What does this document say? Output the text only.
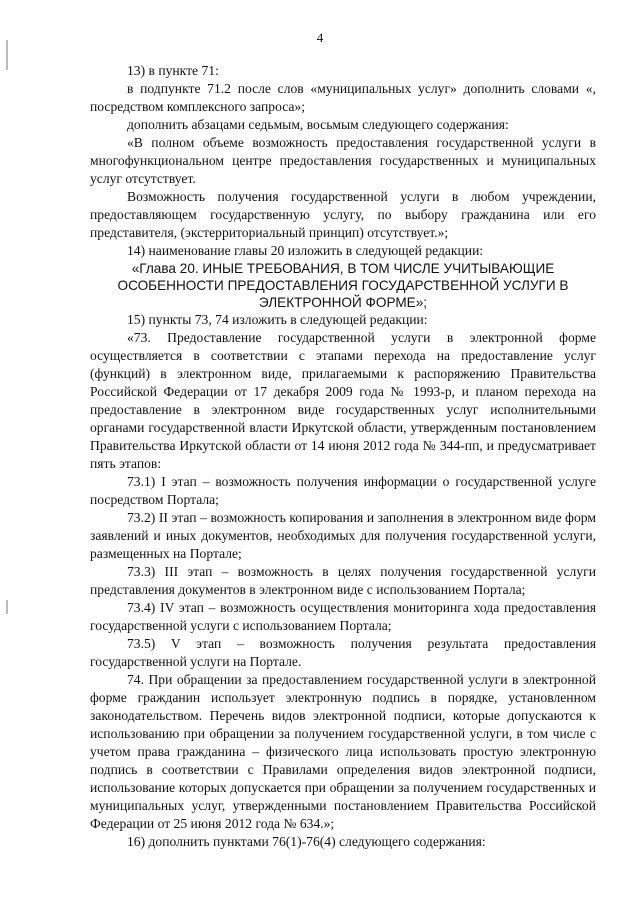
4

13) в пункте 71:

в подпункте 71.2 после слов «муниципальных услуг» дополнить словами «, посредством комплексного запроса»;

дополнить абзацами седьмым, восьмым следующего содержания:

«В полном объеме возможность предоставления государственной услуги в многофункциональном центре предоставления государственных и муниципальных услуг отсутствует.

Возможность получения государственной услуги в любом учреждении, предоставляющем государственную услугу, по выбору гражданина или его представителя, (экстерриториальный принцип) отсутствует.»;

14) наименование главы 20 изложить в следующей редакции:

«Глава 20. ИНЫЕ ТРЕБОВАНИЯ, В ТОМ ЧИСЛЕ УЧИТЫВАЮЩИЕ ОСОБЕННОСТИ ПРЕДОСТАВЛЕНИЯ ГОСУДАРСТВЕННОЙ УСЛУГИ В ЭЛЕКТРОННОЙ ФОРМЕ»;

15) пункты 73, 74 изложить в следующей редакции:

«73. Предоставление государственной услуги в электронной форме осуществляется в соответствии с этапами перехода на предоставление услуг (функций) в электронном виде, прилагаемыми к распоряжению Правительства Российской Федерации от 17 декабря 2009 года № 1993-р, и планом перехода на предоставление в электронном виде государственных услуг исполнительными органами государственной власти Иркутской области, утвержденным постановлением Правительства Иркутской области от 14 июня 2012 года № 344-пп, и предусматривает пять этапов:

73.1) I этап – возможность получения информации о государственной услуге посредством Портала;
73.2) II этап – возможность копирования и заполнения в электронном виде форм заявлений и иных документов, необходимых для получения государственной услуги, размещенных на Портале;
73.3) III этап – возможность в целях получения государственной услуги представления документов в электронном виде с использованием Портала;
73.4) IV этап – возможность осуществления мониторинга хода предоставления государственной услуги с использованием Портала;
73.5) V этап – возможность получения результата предоставления государственной услуги на Портале.

74. При обращении за предоставлением государственной услуги в электронной форме гражданин использует электронную подпись в порядке, установленном законодательством. Перечень видов электронной подписи, которые допускаются к использованию при обращении за получением государственной услуги, в том числе с учетом права гражданина – физического лица использовать простую электронную подпись в соответствии с Правилами определения видов электронной подписи, использование которых допускается при обращении за получением государственных и муниципальных услуг, утвержденными постановлением Правительства Российской Федерации от 25 июня 2012 года № 634.»;

16) дополнить пунктами 76(1)-76(4) следующего содержания:
